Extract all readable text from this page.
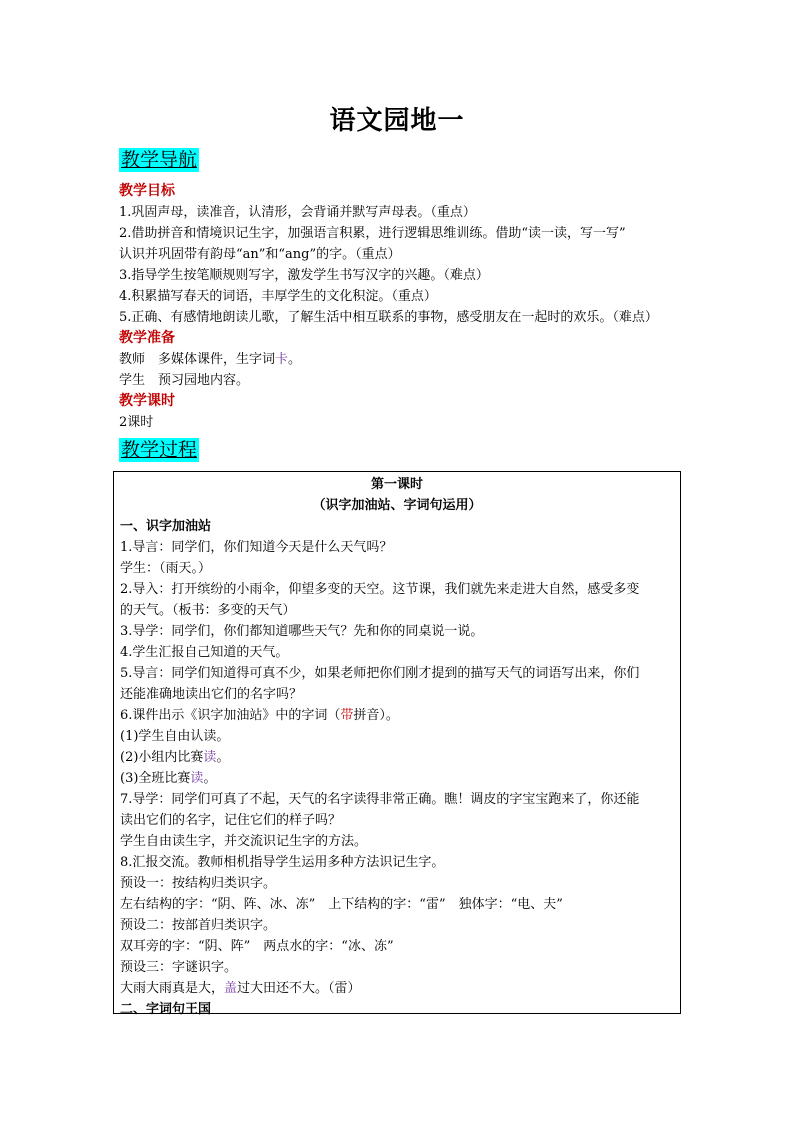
语文园地一
教学导航
教学目标
1.巩固声母，读准音，认清形，会背诵并默写声母表。（重点）
2.借助拼音和情境识记生字，加强语言积累，进行逻辑思维训练。借助“读一读，写一写”
认识并巩固带有韵母“an”和“ang”的字。（重点）
3.指导学生按笔顺规则写字，激发学生书写汉字的兴趣。（难点）
4.积累描写春天的词语，丰厚学生的文化积淀。（重点）
5.正确、有感情地朗读儿歌，了解生活中相互联系的事物，感受朋友在一起时的欢乐。（难点）
教学准备
教师　多媒体课件，生字词卡。
学生　预习园地内容。
教学课时
2课时
教学过程
第一课时
（识字加油站、字词句运用）
一、识字加油站
1.导言：同学们，你们知道今天是什么天气吗？
学生：（雨天。）
2.导入：打开缤纷的小雨伞，仰望多变的天空。这节课，我们就先来走进大自然，感受多变
的天气。（板书：多变的天气）
3.导学：同学们，你们都知道哪些天气？先和你的同桌说一说。
4.学生汇报自己知道的天气。
5.导言：同学们知道得可真不少，如果老师把你们刚才提到的描写天气的词语写出来，你们
还能准确地读出它们的名字吗？
6.课件出示《识字加油站》中的字词（带拼音）。
(1)学生自由认读。
(2)小组内比赛读。
(3)全班比赛读。
7.导学：同学们可真了不起，天气的名字读得非常正确。瞧！调皮的字宝宝跑来了，你还能
读出它们的名字，记住它们的样子吗？
学生自由读生字，并交流识记生字的方法。
8.汇报交流。教师相机指导学生运用多种方法识记生字。
预设一：按结构归类识字。
左右结构的字：“阴、阵、冰、冻”　上下结构的字：“雷”　独体字：“电、夫”
预设二：按部首归类识字。
双耳旁的字：“阴、阵”　两点水的字：“冰、冻”
预设三：字谜识字。
大雨大雨真是大，盖过大田还不大。（雷）
二、字词句王国
